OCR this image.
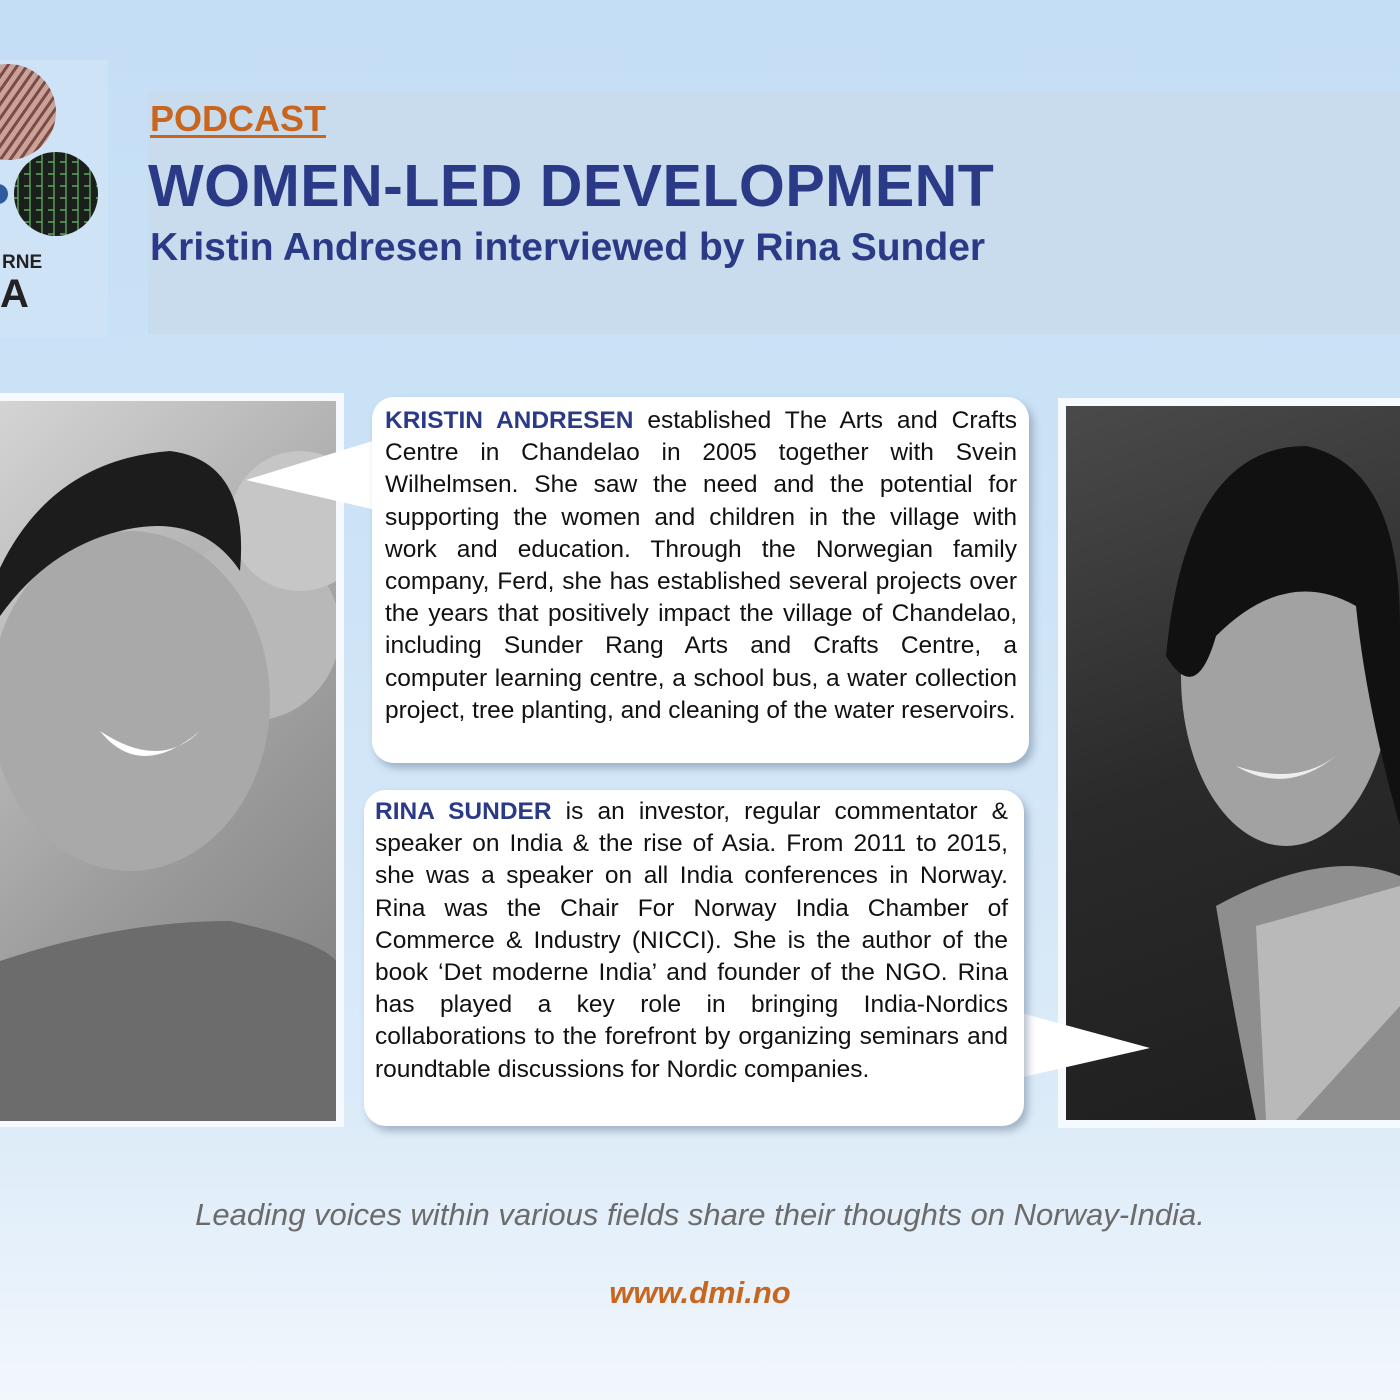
RNE
A
PODCAST
WOMEN-LED DEVELOPMENT
Kristin Andresen interviewed by Rina Sunder
KRISTIN ANDRESEN established The Arts and Crafts Centre in Chandelao in 2005 together with Svein Wilhelmsen. She saw the need and the potential for supporting the women and children in the village with work and education. Through the Norwegian family company, Ferd, she has established several projects over the years that positively impact the village of Chandelao, including Sunder Rang Arts and Crafts Centre, a computer learning centre, a school bus, a water collection project, tree planting, and cleaning of the water reservoirs.
RINA SUNDER is an investor, regular commentator & speaker on India & the rise of Asia. From 2011 to 2015, she was a speaker on all India conferences in Norway. Rina was the Chair For Norway India Chamber of Commerce & Industry (NICCI). She is the author of the book ‘Det moderne India’ and founder of the NGO. Rina has played a key role in bringing India-Nordics collaborations to the forefront by organizing seminars and roundtable discussions for Nordic companies.
Leading voices within various fields share their thoughts on Norway-India.
www.dmi.no
